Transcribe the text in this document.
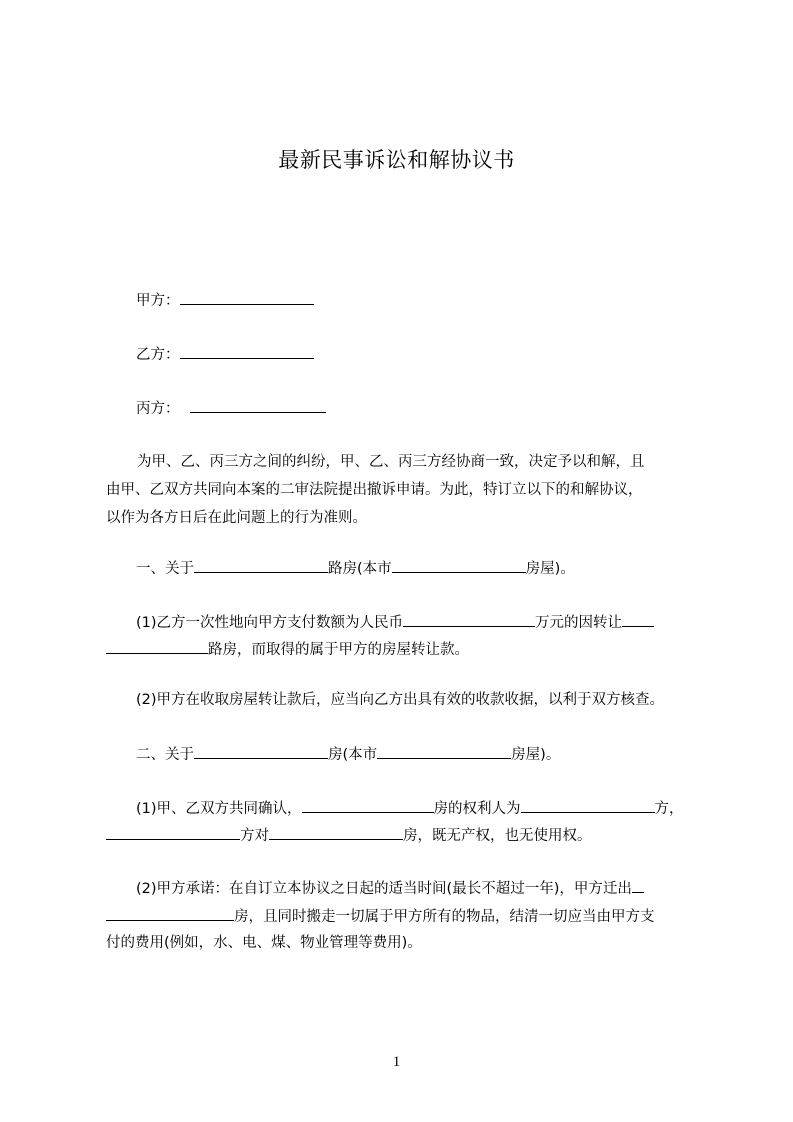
最新民事诉讼和解协议书
甲方：
乙方：
丙方：
为甲、乙、丙三方之间的纠纷，甲、乙、丙三方经协商一致，决定予以和解，且
由甲、乙双方共同向本案的二审法院提出撤诉申请。为此，特订立以下的和解协议，
以作为各方日后在此问题上的行为准则。
一、关于	路房(本市	房屋)。
(1)乙方一次性地向甲方支付数额为人民币	万元的因转让
路房，而取得的属于甲方的房屋转让款。
(2)甲方在收取房屋转让款后，应当向乙方出具有效的收款收据，以利于双方核查。
二、关于	房(本市	房屋)。
(1)甲、乙双方共同确认，	房的权利人为	方，
方对	房，既无产权，也无使用权。
(2)甲方承诺：在自订立本协议之日起的适当时间(最长不超过一年)，甲方迁出
房，且同时搬走一切属于甲方所有的物品，结清一切应当由甲方支
付的费用(例如，水、电、煤、物业管理等费用)。
1
